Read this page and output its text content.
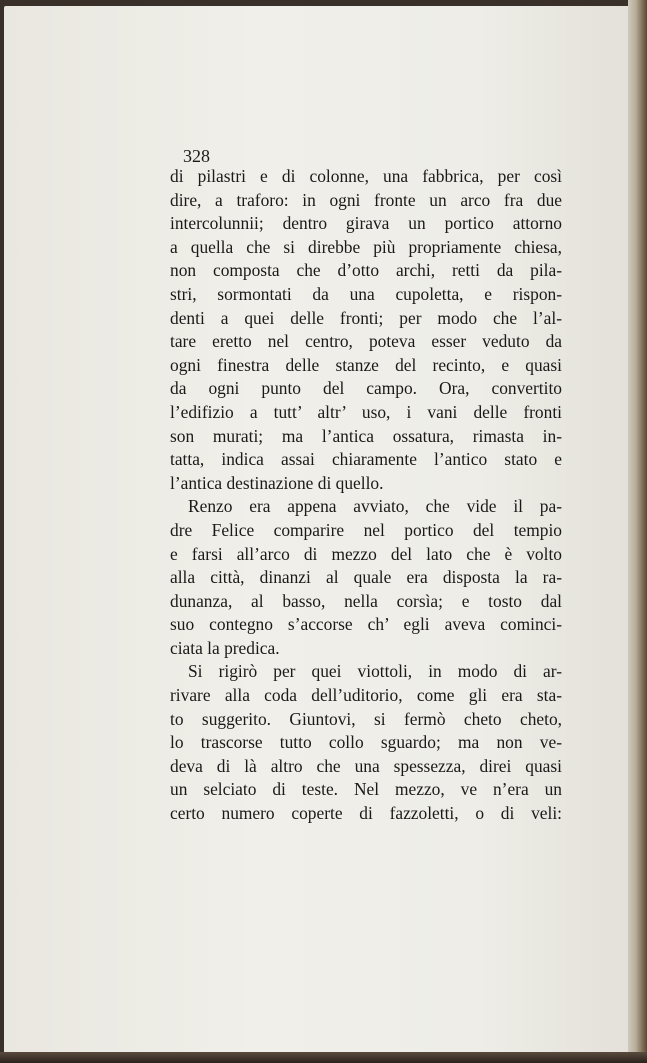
328
di pilastri e di colonne, una fabbrica, per così
dire, a traforo: in ogni fronte un arco fra due
intercolunnii; dentro girava un portico attorno
a quella che si direbbe più propriamente chiesa,
non composta che d’otto archi, retti da pila-
stri, sormontati da una cupoletta, e rispon-
denti a quei delle fronti; per modo che l’al-
tare eretto nel centro, poteva esser veduto da
ogni finestra delle stanze del recinto, e quasi
da ogni punto del campo. Ora, convertito
l’edifizio a tutt’ altr’ uso, i vani delle fronti
son murati; ma l’antica ossatura, rimasta in-
tatta, indica assai chiaramente l’antico stato e
l’antica destinazione di quello.
Renzo era appena avviato, che vide il pa-
dre Felice comparire nel portico del tempio
e farsi all’arco di mezzo del lato che è volto
alla città, dinanzi al quale era disposta la ra-
dunanza, al basso, nella corsìa; e tosto dal
suo contegno s’accorse ch’ egli aveva cominci-
ciata la predica.
Si rigirò per quei viottoli, in modo di ar-
rivare alla coda dell’uditorio, come gli era sta-
to suggerito. Giuntovi, si fermò cheto cheto,
lo trascorse tutto collo sguardo; ma non ve-
deva di là altro che una spessezza, direi quasi
un selciato di teste. Nel mezzo, ve n’era un
certo numero coperte di fazzoletti, o di veli:
